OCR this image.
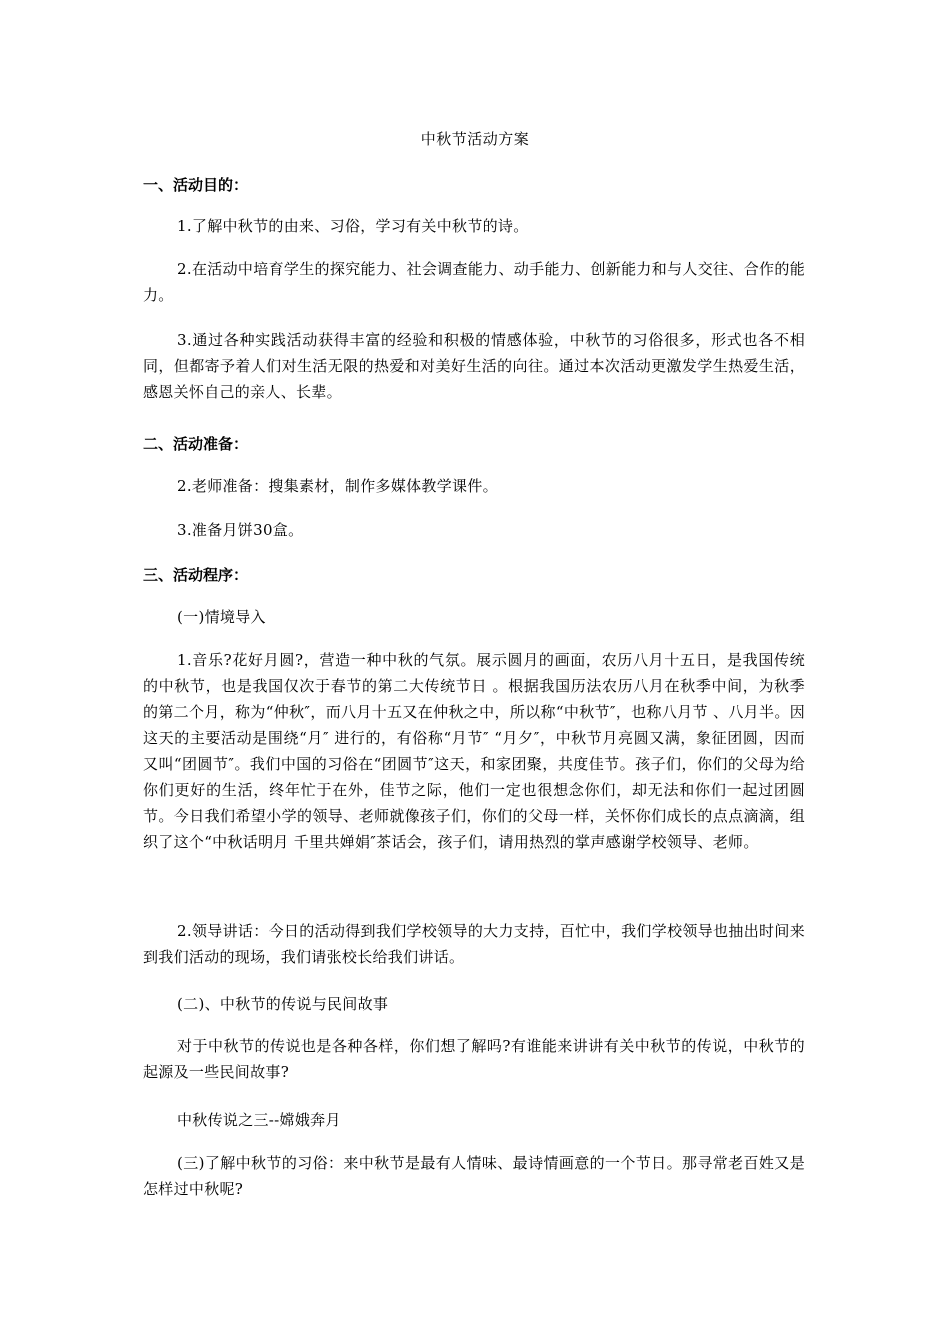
中秋节活动方案
一、活动目的：
1.了解中秋节的由来、习俗，学习有关中秋节的诗。
2.在活动中培育学生的探究能力、社会调查能力、动手能力、创新能力和与人交往、合作的能力。
3.通过各种实践活动获得丰富的经验和积极的情感体验，中秋节的习俗很多，形式也各不相同，但都寄予着人们对生活无限的热爱和对美好生活的向往。通过本次活动更激发学生热爱生活，感恩关怀自己的亲人、长辈。
二、活动准备：
2.老师准备：搜集素材，制作多媒体教学课件。
3.准备月饼30盒。
三、活动程序：
(一)情境导入
1.音乐?花好月圆?，营造一种中秋的气氛。展示圆月的画面，农历八月十五日，是我国传统的中秋节，也是我国仅次于春节的第二大传统节日 。根据我国历法农历八月在秋季中间，为秋季的第二个月，称为“仲秋″，而八月十五又在仲秋之中，所以称“中秋节″，也称八月节 、八月半。因这天的主要活动是围绕“月″ 进行的，有俗称“月节″ “月夕″，中秋节月亮圆又满，象征团圆，因而又叫“团圆节″。我们中国的习俗在“团圆节″这天，和家团聚，共度佳节。孩子们，你们的父母为给你们更好的生活，终年忙于在外，佳节之际，他们一定也很想念你们，却无法和你们一起过团圆节。今日我们希望小学的领导、老师就像孩子们，你们的父母一样，关怀你们成长的点点滴滴，组织了这个“中秋话明月 千里共婵娟″茶话会，孩子们，请用热烈的掌声感谢学校领导、老师。
2.领导讲话：今日的活动得到我们学校领导的大力支持，百忙中，我们学校领导也抽出时间来到我们活动的现场，我们请张校长给我们讲话。
(二)、中秋节的传说与民间故事
对于中秋节的传说也是各种各样，你们想了解吗?有谁能来讲讲有关中秋节的传说，中秋节的起源及一些民间故事?
中秋传说之三--嫦娥奔月
(三)了解中秋节的习俗：来中秋节是最有人情味、最诗情画意的一个节日。那寻常老百姓又是怎样过中秋呢?
